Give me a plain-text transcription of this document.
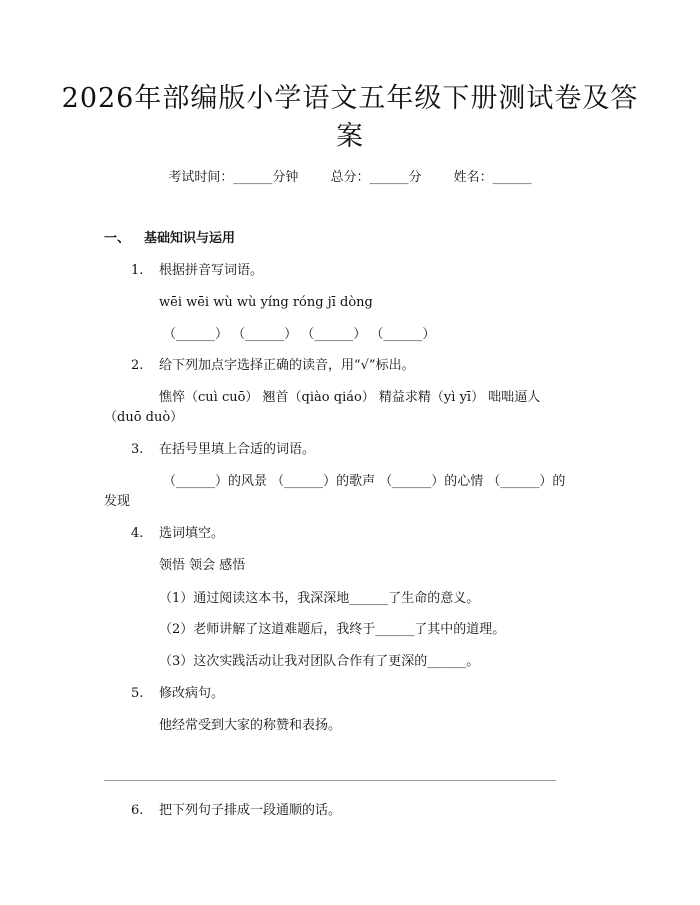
2026年部编版小学语文五年级下册测试卷及答案
考试时间：______分钟 总分：______分 姓名：______
一、 基础知识与运用
1. 根据拼音写词语。
wēi wēi wù wù yíng róng jī dòng
（______） （______） （______） （______）
2. 给下列加点字选择正确的读音，用“√”标出。
憔悴（cuì cuō） 翘首（qiào qiáo） 精益求精（yì yī） 咄咄逼人
（duō duò）
3. 在括号里填上合适的词语。
（______）的风景 （______）的歌声 （______）的心情 （______）的
发现
4. 选词填空。
领悟 领会 感悟
（1）通过阅读这本书，我深深地______了生命的意义。
（2）老师讲解了这道难题后，我终于______了其中的道理。
（3）这次实践活动让我对团队合作有了更深的______。
5. 修改病句。
他经常受到大家的称赞和表扬。
6. 把下列句子排成一段通顺的话。
